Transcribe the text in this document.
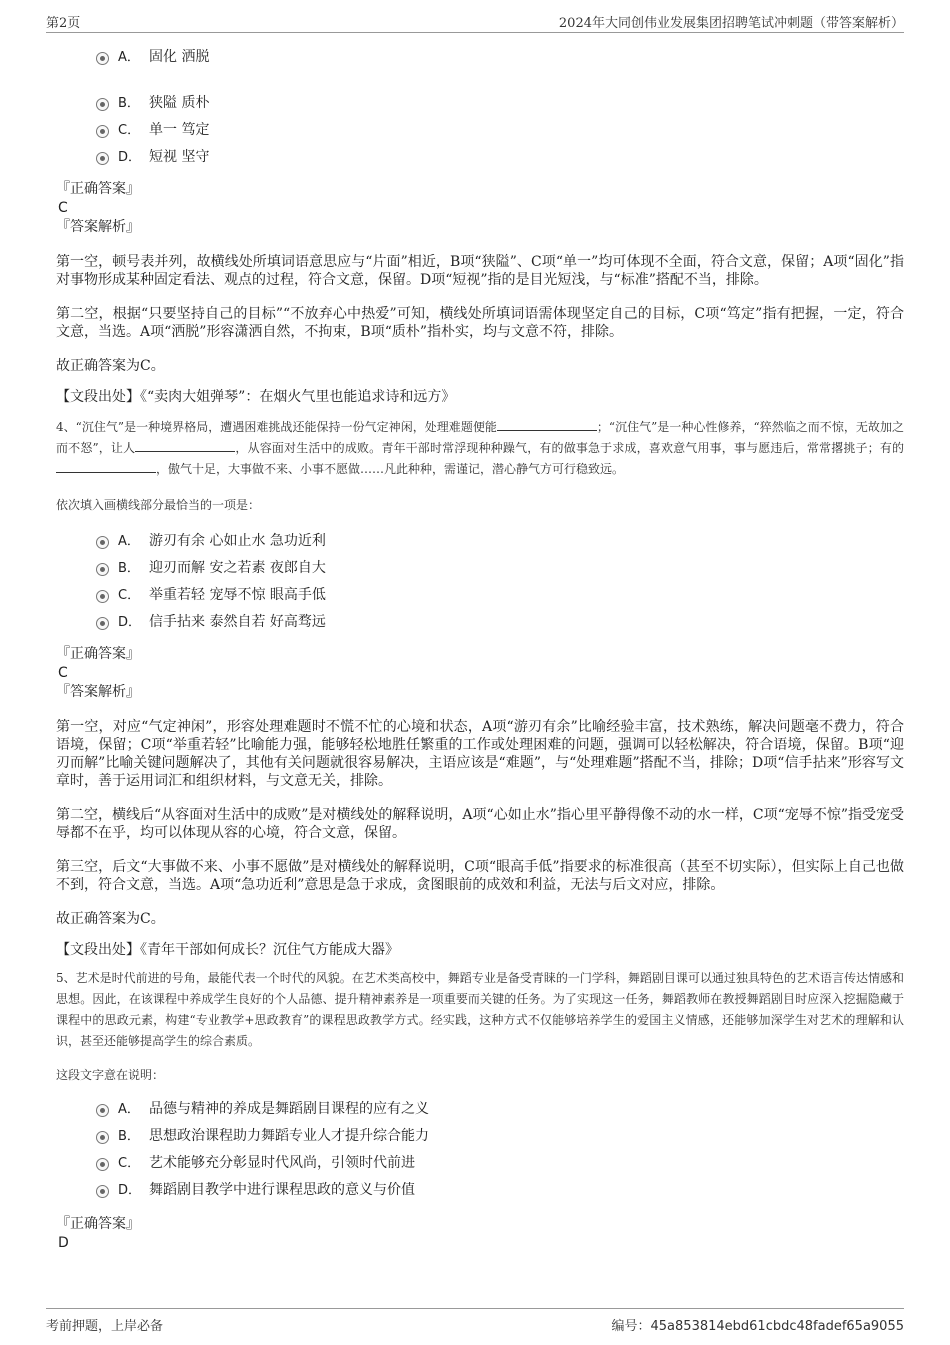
第2页	2024年大同创伟业发展集团招聘笔试冲刺题（带答案解析）
A． 固化 洒脱
B． 狭隘 质朴
C． 单一 笃定
D． 短视 坚守
『正确答案』
C
『答案解析』

第一空，顿号表并列，故横线处所填词语意思应与“片面”相近，B项“狭隘”、C项“单一”均可体现不全面，符合文意，保留；A项“固化”指对事物形成某种固定看法、观点的过程，符合文意，保留。D项“短视”指的是目光短浅，与“标准”搭配不当，排除。

第二空，根据“只要坚持自己的目标”“不放弃心中热爱”可知，横线处所填词语需体现坚定自己的目标，C项“笃定”指有把握，一定，符合文意，当选。A项“洒脱”形容潇洒自然，不拘束，B项“质朴”指朴实，均与文意不符，排除。

故正确答案为C。

【文段出处】《“卖肉大姐弹琴”：在烟火气里也能追求诗和远方》

4、“沉住气”是一种境界格局，遭遇困难挑战还能保持一份气定神闲，处理难题便能	；“沉住气”是一种心性修养，“猝然临之而不惊，无故加之而不怒”，让人	，从容面对生活中的成败。青年干部时常浮现种种躁气，有的做事急于求成，喜欢意气用事，事与愿违后，常常撂挑子；有的，傲气十足，大事做不来、小事不愿做……凡此种种，需谨记，潜心静气方可行稳致远。

依次填入画横线部分最恰当的一项是：
A． 游刃有余 心如止水 急功近利
B． 迎刃而解 安之若素 夜郎自大
C． 举重若轻 宠辱不惊 眼高手低
D． 信手拈来 泰然自若 好高骛远
『正确答案』
C
『答案解析』

第一空，对应“气定神闲”，形容处理难题时不慌不忙的心境和状态，A项“游刃有余”比喻经验丰富，技术熟练，解决问题毫不费力，符合语境，保留；C项“举重若轻”比喻能力强，能够轻松地胜任繁重的工作或处理困难的问题，强调可以轻松解决，符合语境，保留。B项“迎刃而解”比喻关键问题解决了，其他有关问题就很容易解决，主语应该是“难题”，与“处理难题”搭配不当，排除；D项“信手拈来”形容写文章时，善于运用词汇和组织材料，与文意无关，排除。

第二空，横线后“从容面对生活中的成败”是对横线处的解释说明，A项“心如止水”指心里平静得像不动的水一样，C项“宠辱不惊”指受宠受辱都不在乎，均可以体现从容的心境，符合文意，保留。

第三空，后文“大事做不来、小事不愿做”是对横线处的解释说明，C项“眼高手低”指要求的标准很高（甚至不切实际），但实际上自己也做不到，符合文意，当选。A项“急功近利”意思是急于求成，贪图眼前的成效和利益，无法与后文对应，排除。

故正确答案为C。

【文段出处】《青年干部如何成长？沉住气方能成大器》

5、艺术是时代前进的号角，最能代表一个时代的风貌。在艺术类高校中，舞蹈专业是备受青睐的一门学科，舞蹈剧目课可以通过独具特色的艺术语言传达情感和思想。因此，在该课程中养成学生良好的个人品德、提升精神素养是一项重要而关键的任务。为了实现这一任务，舞蹈教师在教授舞蹈剧目时应深入挖掘隐藏于课程中的思政元素，构建“专业教学+思政教育”的课程思政教学方式。经实践，这种方式不仅能够培养学生的爱国主义情感，还能够加深学生对艺术的理解和认识，甚至还能够提高学生的综合素质。

这段文字意在说明：
A． 品德与精神的养成是舞蹈剧目课程的应有之义
B． 思想政治课程助力舞蹈专业人才提升综合能力
C． 艺术能够充分彰显时代风尚，引领时代前进
D． 舞蹈剧目教学中进行课程思政的意义与价值
『正确答案』
D
考前押题，上岸必备	编号：45a853814ebd61cbdc48fadef65a9055
